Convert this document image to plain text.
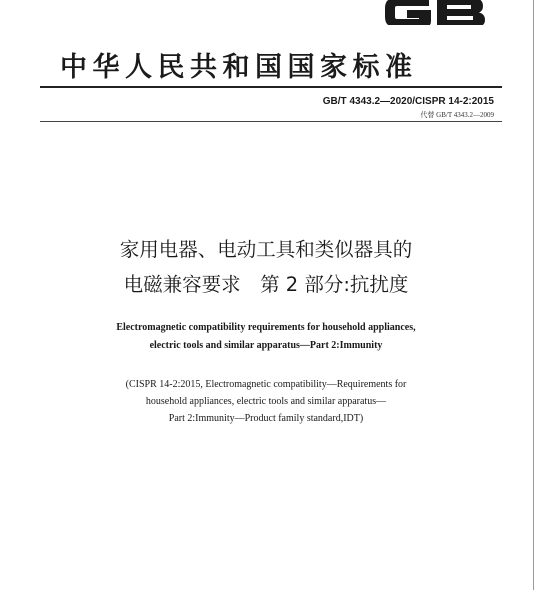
中华人民共和国国家标准
GB/T 4343.2—2020/CISPR 14-2:2015
代替 GB/T 4343.2—2009
家用电器、电动工具和类似器具的
电磁兼容要求　第 2 部分:抗扰度
Electromagnetic compatibility requirements for household appliances,
electric tools and similar apparatus—Part 2:Immunity
(CISPR 14-2:2015, Electromagnetic compatibility—Requirements for
household appliances, electric tools and similar apparatus—
Part 2:Immunity—Product family standard,IDT)
